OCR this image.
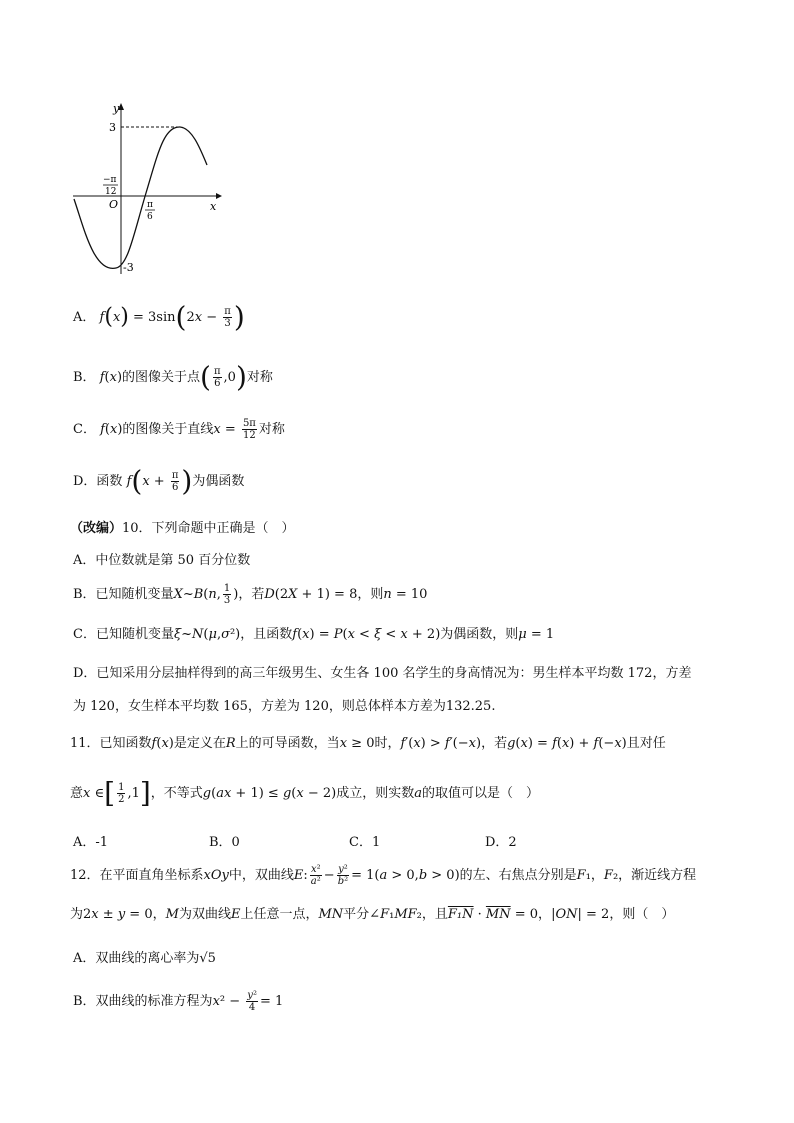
y
x
O
3
-3
−π
12
π
6
A． $f(x) = 3\sin(2x - \frac{\pi}{3}$ )
B． f(x)的图像关于点( $\frac{\pi}{6} ,0$)对称
C． f(x)的图像关于直线$x = \frac{5\pi}{12}$ 对称
D．函数 $f(x + \frac{\pi}{6}$ )为偶函数
（改编）10．下列命题中正确是（　）
A．中位数就是第 50 百分位数
B．已知随机变量X~B(n, $\frac{1}{3}$ )，若D(2X + 1) = 8，则n = 10
C．已知随机变量ξ~N(μ,σ²)，且函数f(x) = P(x < ξ < x + 2)为偶函数，则μ = 1
D．已知采用分层抽样得到的高三年级男生、女生各 100 名学生的身高情况为：男生样本平均数 172，方差
为 120，女生样本平均数 165，方差为 120，则总体样本方差为132.25.
11．已知函数f(x)是定义在R上的可导函数，当x ≥ 0时，f′(x) > f′(−x)，若g(x) = f(x) + f(−x)且对任
意x ∈[ $\frac{1}{2} ,1$]，不等式g(ax + 1) ≤ g(x − 2)成立，则实数a的取值可以是（　）
A．-1	B．0	C．1	D．2
12．在平面直角坐标系xOy中，双曲线E: $\frac{\text{x²}}{\text{a²}} - \frac{\text{y²}}{\text{b²}} = 1(a > 0,b > 0)$的左、右焦点分别是F₁，F₂，渐近线方程
为2x ± y = 0，M为双曲线E上任意一点，MN平分∠F₁MF₂，且$F_1N \cdot \overline{MN} = 0$，|ON| = 2，则（　）
A．双曲线的离心率为√5
B．双曲线的标准方程为$x^2 - \frac{\text{y²}}{4} = 1$
